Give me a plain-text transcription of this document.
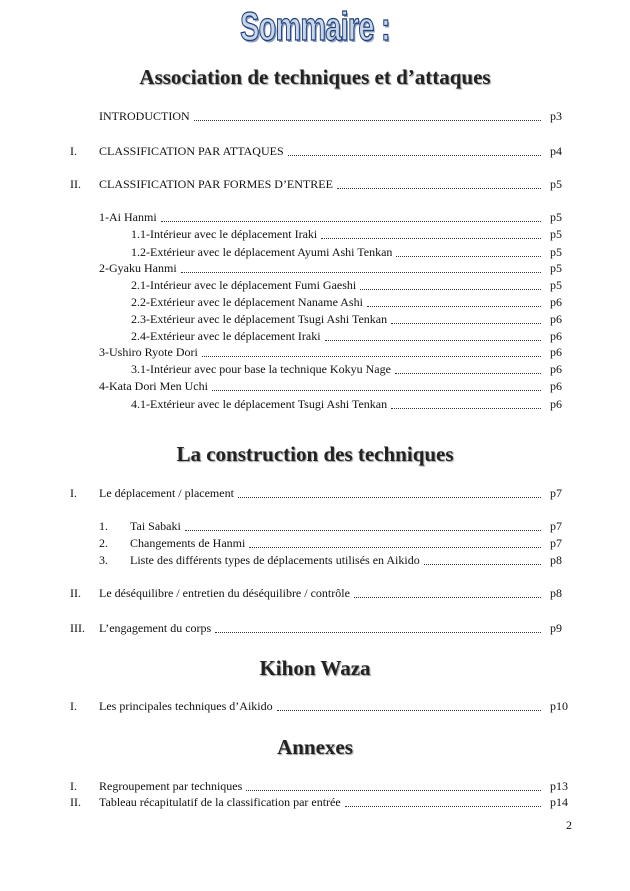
Sommaire :
Association de techniques et d’attaques
La construction des techniques
Kihon Waza
Annexes
INTRODUCTION	p3
I. CLASSIFICATION PAR ATTAQUES	p4
II. CLASSIFICATION PAR FORMES D’ENTREE	p5
1-Ai Hanmi	p5
1.1-Intérieur avec le déplacement Iraki	p5
1.2-Extérieur avec le déplacement Ayumi Ashi Tenkan	p5
2-Gyaku Hanmi	p5
2.1-Intérieur avec le déplacement Fumi Gaeshi	p5
2.2-Extérieur avec le déplacement Naname Ashi	p6
2.3-Extérieur avec le déplacement Tsugi Ashi Tenkan	p6
2.4-Extérieur avec le déplacement Iraki	p6
3-Ushiro Ryote Dori	p6
3.1-Intérieur avec pour base la technique Kokyu Nage	p6
4-Kata Dori Men Uchi	p6
4.1-Extérieur avec le déplacement Tsugi Ashi Tenkan	p6
I. Le déplacement / placement	p7
1. Tai Sabaki	p7
2. Changements de Hanmi	p7
3. Liste des différents types de déplacements utilisés en Aikido	p8
II. Le déséquilibre / entretien du déséquilibre / contrôle	p8
III. L’engagement du corps	p9
I. Les principales techniques d’Aikido	p10
I. Regroupement par techniques	p13
II. Tableau récapitulatif de la classification par entrée	p14
2
